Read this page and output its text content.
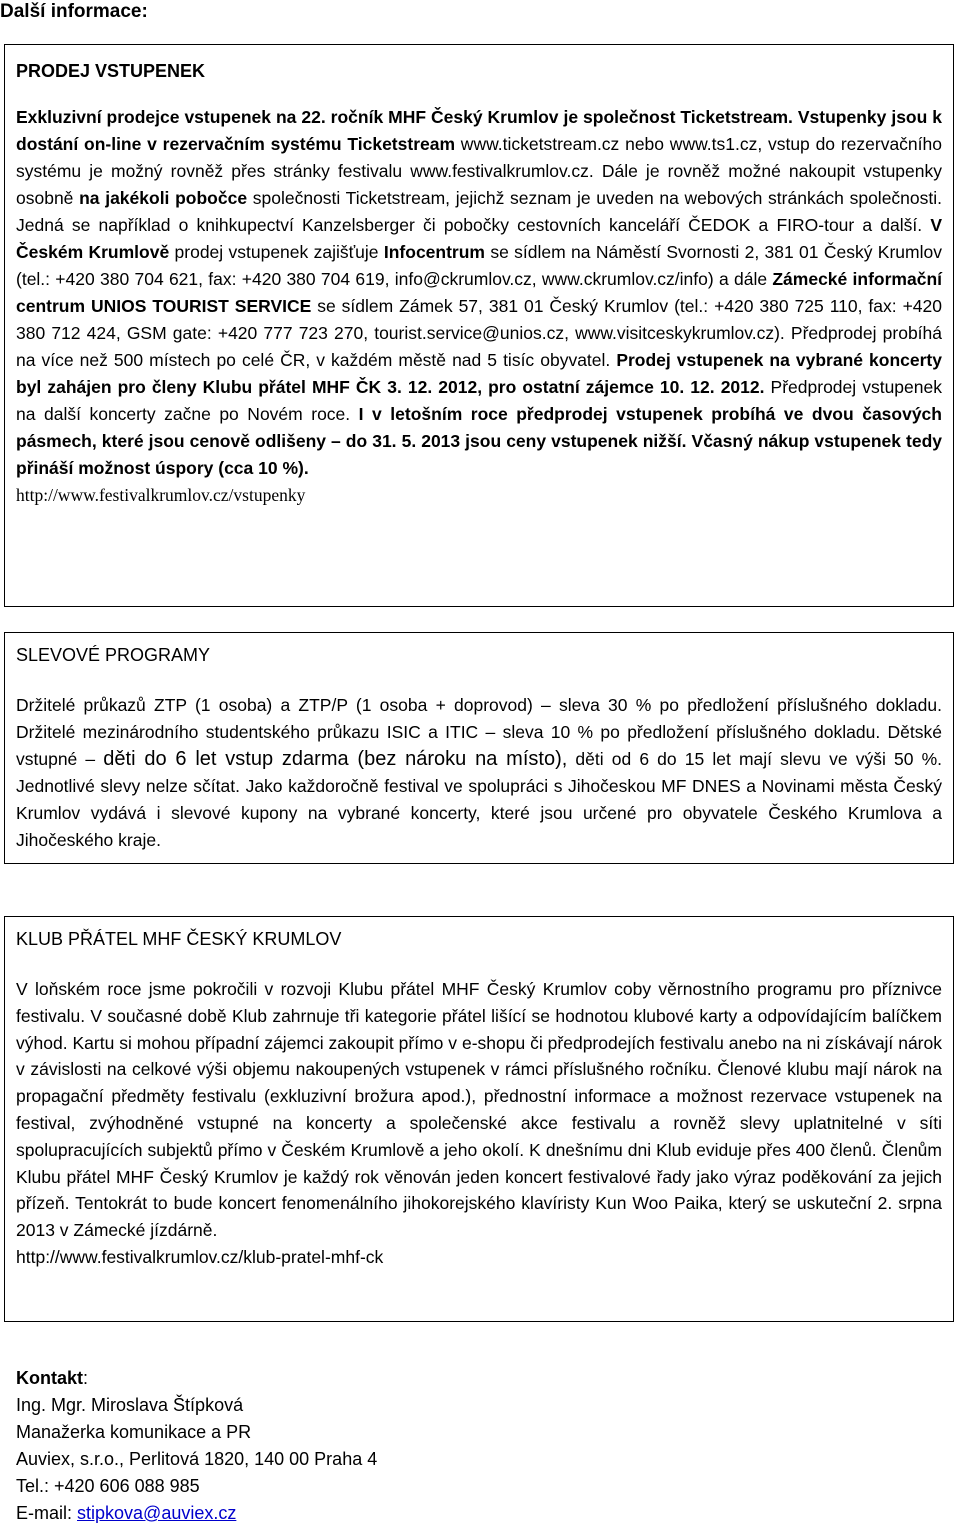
Další informace:
PRODEJ VSTUPENEK

Exkluzivní prodejce vstupenek na 22. ročník MHF Český Krumlov je společnost Ticketstream. Vstupenky jsou k dostání on-line v rezervačním systému Ticketstream www.ticketstream.cz nebo www.ts1.cz, vstup do rezervačního systému je možný rovněž přes stránky festivalu www.festivalkrumlov.cz. Dále je rovněž možné nakoupit vstupenky osobně na jakékoli pobočce společnosti Ticketstream, jejichž seznam je uveden na webových stránkách společnosti. Jedná se například o knihkupectví Kanzelsberger či pobočky cestovních kanceláří ČEDOK a FIRO-tour a další. V Českém Krumlově prodej vstupenek zajišťuje Infocentrum se sídlem na Náměstí Svornosti 2, 381 01 Český Krumlov (tel.: +420 380 704 621, fax: +420 380 704 619, info@ckrumlov.cz, www.ckrumlov.cz/info) a dále Zámecké informační centrum UNIOS TOURIST SERVICE se sídlem Zámek 57, 381 01 Český Krumlov (tel.: +420 380 725 110, fax: +420 380 712 424, GSM gate: +420 777 723 270, tourist.service@unios.cz, www.visitceskykrumlov.cz). Předprodej probíhá na více než 500 místech po celé ČR, v každém městě nad 5 tisíc obyvatel. Prodej vstupenek na vybrané koncerty byl zahájen pro členy Klubu přátel MHF ČK 3. 12. 2012, pro ostatní zájemce 10. 12. 2012. Předprodej vstupenek na další koncerty začne po Novém roce. I v letošním roce předprodej vstupenek probíhá ve dvou časových pásmech, které jsou cenově odlišeny – do 31. 5. 2013 jsou ceny vstupenek nižší. Včasný nákup vstupenek tedy přináší možnost úspory (cca 10 %).

http://www.festivalkrumlov.cz/vstupenky

SLEVOVÉ PROGRAMY

Držitelé průkazů ZTP (1 osoba) a ZTP/P (1 osoba + doprovod) – sleva 30 % po předložení příslušného dokladu. Držitelé mezinárodního studentského průkazu ISIC a ITIC – sleva 10 % po předložení příslušného dokladu. Dětské vstupné – děti do 6 let vstup zdarma (bez nároku na místo), děti od 6 do 15 let mají slevu ve výši 50 %. Jednotlivé slevy nelze sčítat. Jako každoročně festival ve spolupráci s Jihočeskou MF DNES a Novinami města Český Krumlov vydává i slevové kupony na vybrané koncerty, které jsou určené pro obyvatele Českého Krumlova a Jihočeského kraje.

KLUB PŘÁTEL MHF ČESKÝ KRUMLOV

V loňském roce jsme pokročili v rozvoji Klubu přátel MHF Český Krumlov coby věrnostního programu pro příznivce festivalu. V současné době Klub zahrnuje tři kategorie přátel lišící se hodnotou klubové karty a odpovídajícím balíčkem výhod. Kartu si mohou případní zájemci zakoupit přímo v e-shopu či předprodejích festivalu anebo na ni získávají nárok v závislosti na celkové výši objemu nakoupených vstupenek v rámci příslušného ročníku. Členové klubu mají nárok na propagační předměty festivalu (exkluzivní brožura apod.), přednostní informace a možnost rezervace vstupenek na festival, zvýhodněné vstupné na koncerty a společenské akce festivalu a rovněž slevy uplatnitelné v síti spolupracujících subjektů přímo v Českém Krumlově a jeho okolí. K dnešnímu dni Klub eviduje přes 400 členů. Členům Klubu přátel MHF Český Krumlov je každý rok věnován jeden koncert festivalové řady jako výraz poděkování za jejich přízeň. Tentokrát to bude koncert fenomenálního jihokorejského klavíristy Kun Woo Paika, který se uskuteční 2. srpna 2013 v Zámecké jízdárně.

http://www.festivalkrumlov.cz/klub-pratel-mhf-ck

Kontakt:
Ing. Mgr. Miroslava Štípková
Manažerka komunikace a PR
Auviex, s.r.o., Perlitová 1820, 140 00 Praha 4
Tel.: +420 606 088 985
E-mail: stipkova@auviex.cz
